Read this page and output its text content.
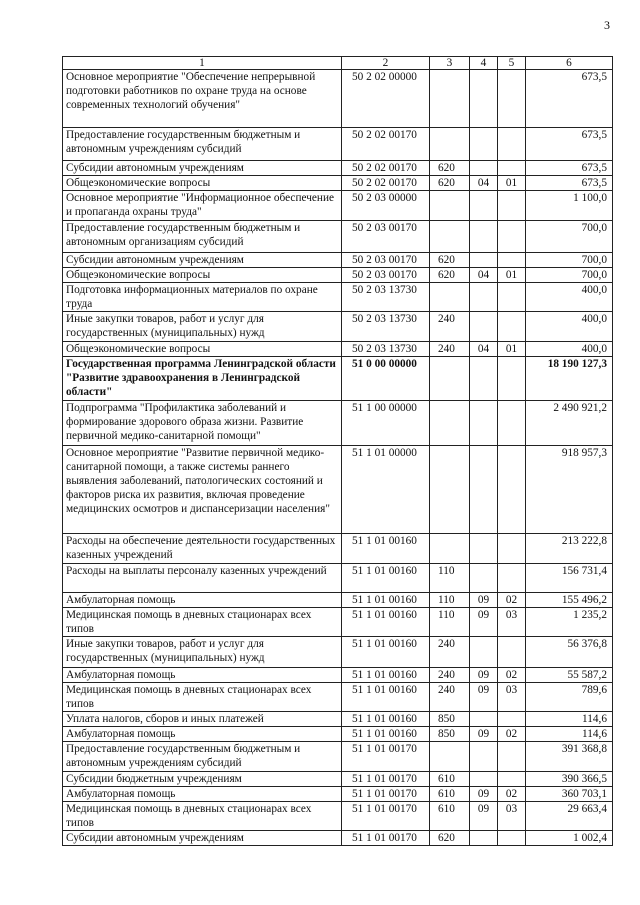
3
1	2	3	4	5	6
Основное мероприятие "Обеспечение непрерывной подготовки работников по охране труда на основе современных технологий обучения"	50 2 02 00000				673,5
Предоставление государственным бюджетным и автономным учреждениям субсидий	50 2 02 00170				673,5
Субсидии автономным учреждениям	50 2 02 00170	620			673,5
Общеэкономические вопросы	50 2 02 00170	620	04	01	673,5
Основное мероприятие "Информационное обеспечение и пропаганда охраны труда"	50 2 03 00000				1 100,0
Предоставление государственным бюджетным и автономным организациям субсидий	50 2 03 00170				700,0
Субсидии автономным учреждениям	50 2 03 00170	620			700,0
Общеэкономические вопросы	50 2 03 00170	620	04	01	700,0
Подготовка информационных материалов по охране труда	50 2 03 13730				400,0
Иные закупки товаров, работ и услуг для государственных (муниципальных) нужд	50 2 03 13730	240			400,0
Общеэкономические вопросы	50 2 03 13730	240	04	01	400,0
Государственная программа Ленинградской области "Развитие здравоохранения в Ленинградской области"	51 0 00 00000				18 190 127,3
Подпрограмма "Профилактика заболеваний и формирование здорового образа жизни. Развитие первичной медико-санитарной помощи"	51 1 00 00000				2 490 921,2
Основное мероприятие "Развитие первичной медико-санитарной помощи, а также системы раннего выявления заболеваний, патологических состояний и факторов риска их развития, включая проведение медицинских осмотров и диспансеризации населения"	51 1 01 00000				918 957,3
Расходы на обеспечение деятельности государственных казенных учреждений	51 1 01 00160				213 222,8
Расходы на выплаты персоналу казенных учреждений	51 1 01 00160	110			156 731,4
Амбулаторная помощь	51 1 01 00160	110	09	02	155 496,2
Медицинская помощь в дневных стационарах всех типов	51 1 01 00160	110	09	03	1 235,2
Иные закупки товаров, работ и услуг для государственных (муниципальных) нужд	51 1 01 00160	240			56 376,8
Амбулаторная помощь	51 1 01 00160	240	09	02	55 587,2
Медицинская помощь в дневных стационарах всех типов	51 1 01 00160	240	09	03	789,6
Уплата налогов, сборов и иных платежей	51 1 01 00160	850			114,6
Амбулаторная помощь	51 1 01 00160	850	09	02	114,6
Предоставление государственным бюджетным и автономным учреждениям субсидий	51 1 01 00170				391 368,8
Субсидии бюджетным учреждениям	51 1 01 00170	610			390 366,5
Амбулаторная помощь	51 1 01 00170	610	09	02	360 703,1
Медицинская помощь в дневных стационарах всех типов	51 1 01 00170	610	09	03	29 663,4
Субсидии автономным учреждениям	51 1 01 00170	620			1 002,4
